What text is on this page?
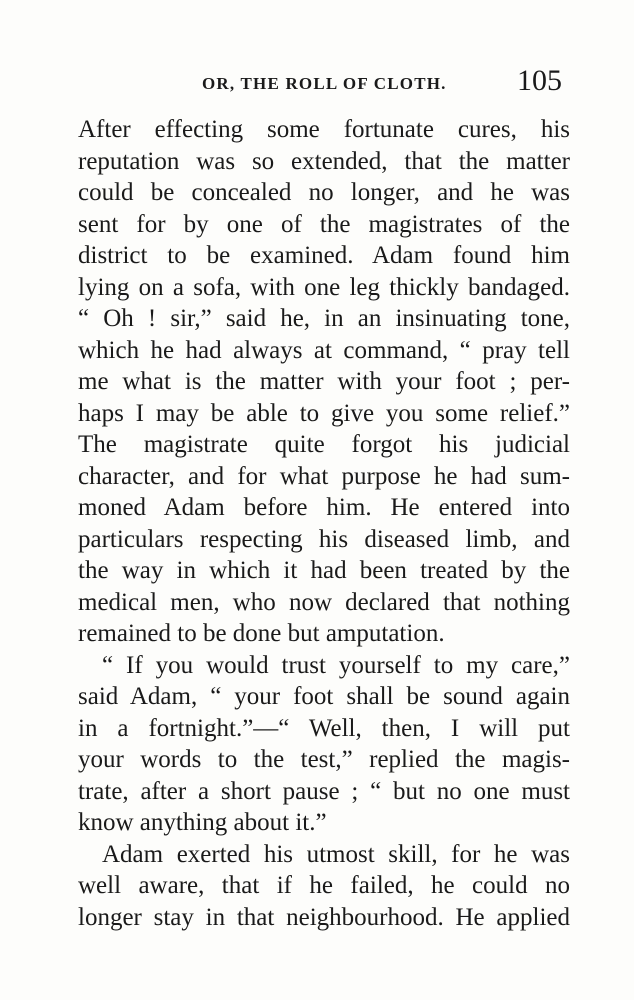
OR, THE ROLL OF CLOTH. 105
After effecting some fortunate cures, his
reputation was so extended, that the matter
could be concealed no longer, and he was
sent for by one of the magistrates of the
district to be examined. Adam found him
lying on a sofa, with one leg thickly bandaged.
“ Oh ! sir,” said he, in an insinuating tone,
which he had always at command, “ pray tell
me what is the matter with your foot ; per-
haps I may be able to give you some relief.”
The magistrate quite forgot his judicial
character, and for what purpose he had sum-
moned Adam before him. He entered into
particulars respecting his diseased limb, and
the way in which it had been treated by the
medical men, who now declared that nothing
remained to be done but amputation.
“ If you would trust yourself to my care,”
said Adam, “ your foot shall be sound again
in a fortnight.”—“ Well, then, I will put
your words to the test,” replied the magis-
trate, after a short pause ; “ but no one must
know anything about it.”
Adam exerted his utmost skill, for he was
well aware, that if he failed, he could no
longer stay in that neighbourhood. He applied
